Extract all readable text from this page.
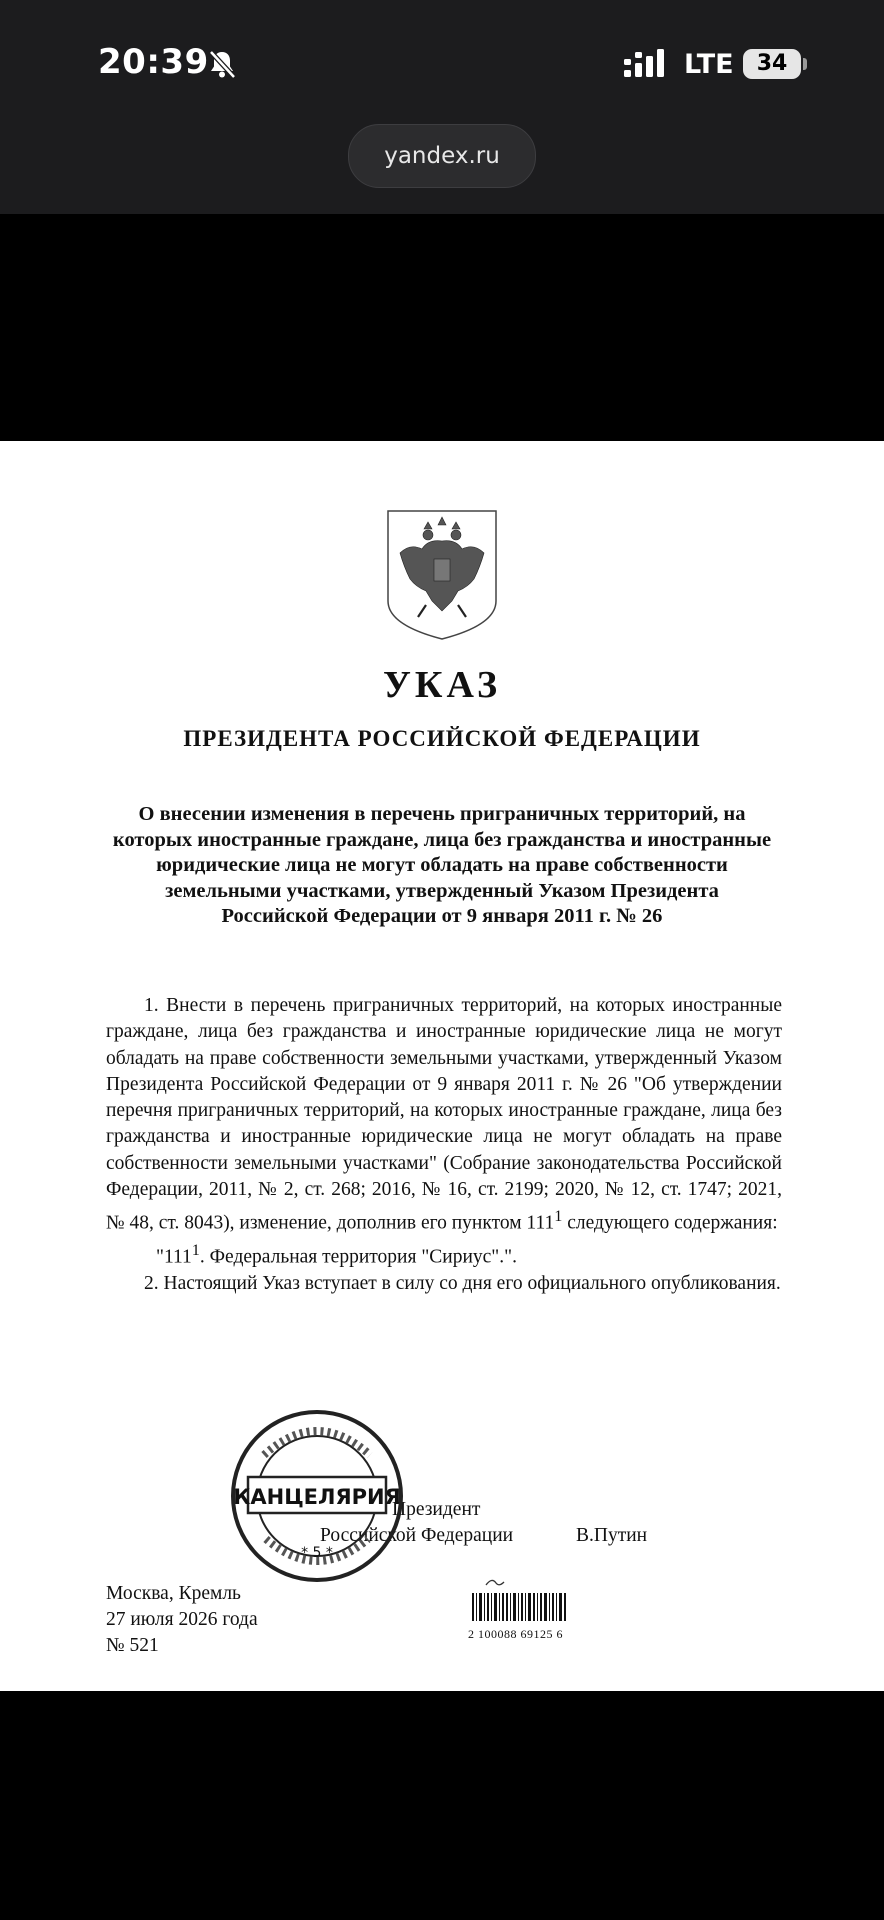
20:39	LTE	34
yandex.ru
УКАЗ
ПРЕЗИДЕНТА РОССИЙСКОЙ ФЕДЕРАЦИИ

О внесении изменения в перечень приграничных территорий, на которых иностранные граждане, лица без гражданства и иностранные юридические лица не могут обладать на праве собственности земельными участками, утвержденный Указом Президента Российской Федерации от 9 января 2011 г. № 26

1. Внести в перечень приграничных территорий, на которых иностранные граждане, лица без гражданства и иностранные юридические лица не могут обладать на праве собственности земельными участками, утвержденный Указом Президента Российской Федерации от 9 января 2011 г. № 26 "Об утверждении перечня приграничных территорий, на которых иностранные граждане, лица без гражданства и иностранные юридические лица не могут обладать на праве собственности земельными участками" (Собрание законодательства Российской Федерации, 2011, № 2, ст. 268; 2016, № 16, ст. 2199; 2020, № 12, ст. 1747; 2021, № 48, ст. 8043), изменение, дополнив его пунктом $111^1$ следующего содержания:

"$111^1$. Федеральная территория "Сириус".".

2. Настоящий Указ вступает в силу со дня его официального опубликования.

Президент
Российской Федерации	В.Путин
КАНЦЕЛЯРИЯ
* 5 *
Москва, Кремль
27 июля 2026 года
№ 521
2 100088 69125 6
